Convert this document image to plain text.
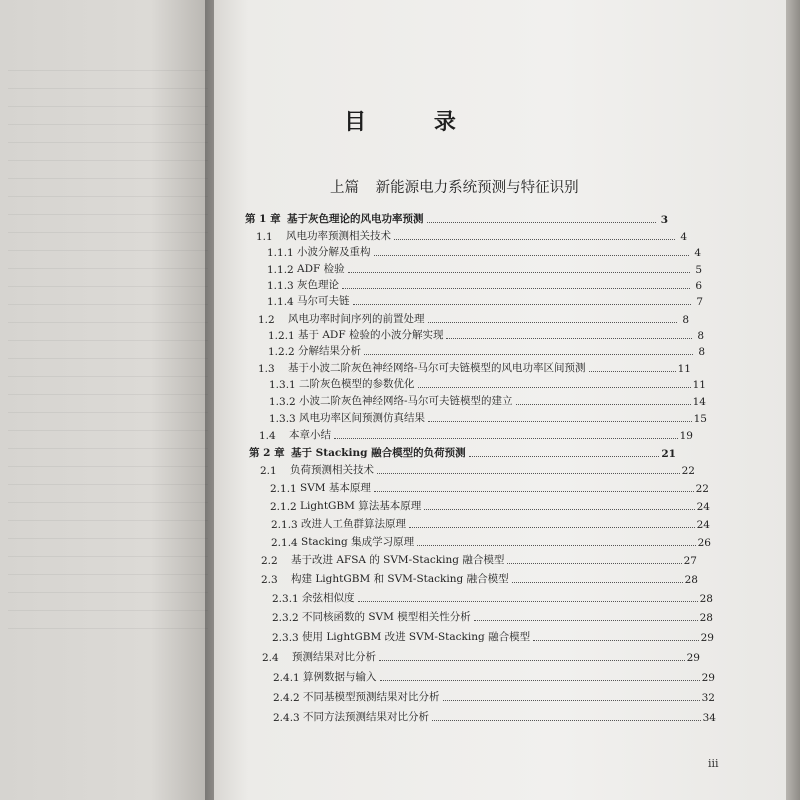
目 录
上篇 新能源电力系统预测与特征识别
第 1 章 基于灰色理论的风电功率预测	3
1.1	风电功率预测相关技术	4
1.1.1 小波分解及重构	4
1.1.2 ADF 检验	5
1.1.3 灰色理论	6
1.1.4 马尔可夫链	7
1.2	风电功率时间序列的前置处理	8
1.2.1 基于 ADF 检验的小波分解实现	8
1.2.2 分解结果分析	8
1.3	基于小波二阶灰色神经网络-马尔可夫链模型的风电功率区间预测	11
1.3.1 二阶灰色模型的参数优化	11
1.3.2 小波二阶灰色神经网络-马尔可夫链模型的建立	14
1.3.3 风电功率区间预测仿真结果	15
1.4	本章小结	19
第 2 章 基于 Stacking 融合模型的负荷预测	21
2.1	负荷预测相关技术	22
2.1.1 SVM 基本原理	22
2.1.2 LightGBM 算法基本原理	24
2.1.3 改进人工鱼群算法原理	24
2.1.4 Stacking 集成学习原理	26
2.2	基于改进 AFSA 的 SVM-Stacking 融合模型	27
2.3	构建 LightGBM 和 SVM-Stacking 融合模型	28
2.3.1 余弦相似度	28
2.3.2 不同核函数的 SVM 模型相关性分析	28
2.3.3 使用 LightGBM 改进 SVM-Stacking 融合模型	29
2.4	预测结果对比分析	29
2.4.1 算例数据与输入	29
2.4.2 不同基模型预测结果对比分析	32
2.4.3 不同方法预测结果对比分析	34
iii
